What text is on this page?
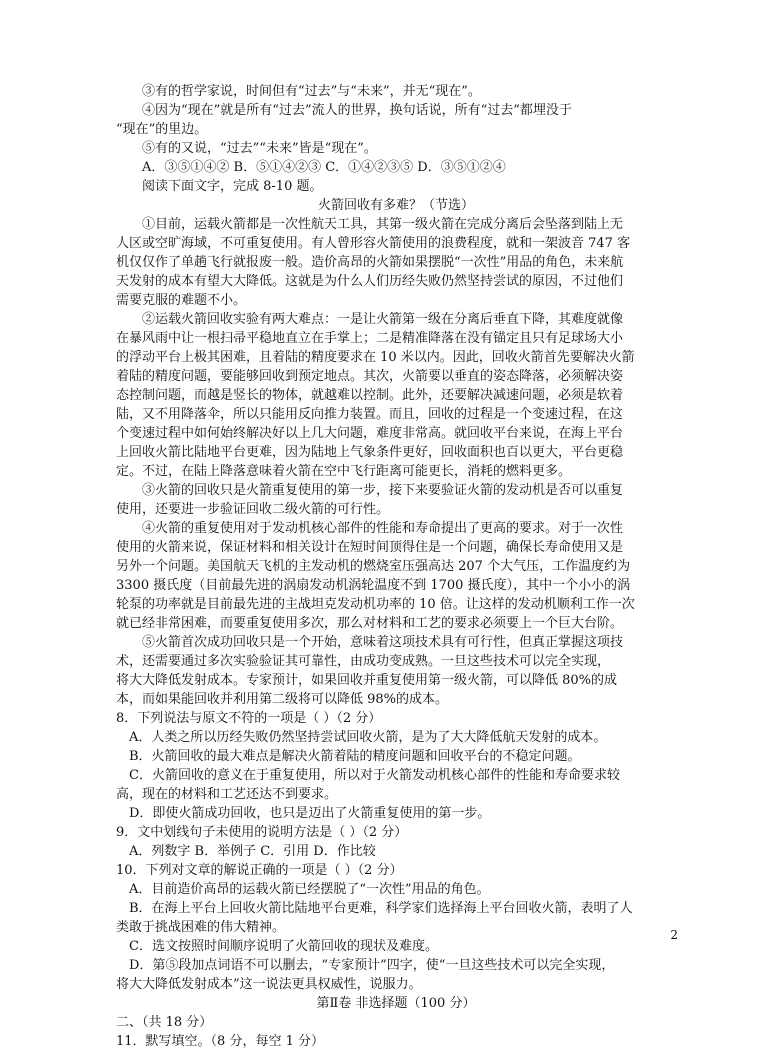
③有的哲学家说，时间但有“过去”与“未来”，并无“现在”。
④因为“现在”就是所有“过去”流人的世界，换句话说，所有“过去”都埋没于
“现在”的里边。
⑤有的又说，“过去”“未来”皆是“现在”。
A．③⑤①④② B．⑤①④②③ C．①④②③⑤ D．③⑤①②④
阅读下面文字，完成 8-10 题。
火箭回收有多难？（节选）
①目前，运载火箭都是一次性航天工具，其第一级火箭在完成分离后会坠落到陆上无
人区或空旷海域，不可重复使用。有人曾形容火箭使用的浪费程度，就和一架波音 747 客
机仅仅作了单趟飞行就报废一般。造价高昂的火箭如果摆脱“一次性”用品的角色，未来航
天发射的成本有望大大降低。这就是为什么人们历经失败仍然坚持尝试的原因，不过他们
需要克服的难题不小。
②运载火箭回收实验有两大难点：一是让火箭第一级在分离后垂直下降，其难度就像
在暴风雨中让一根扫帚平稳地直立在手掌上；二是精准降落在没有锚定且只有足球场大小
的浮动平台上极其困难，且着陆的精度要求在 10 米以内。因此，回收火箭首先要解决火箭
着陆的精度问题，要能够回收到预定地点。其次，火箭要以垂直的姿态降落，必须解决姿
态控制问题，而越是竖长的物体，就越难以控制。此外，还要解决减速问题，必须是软着
陆，又不用降落伞，所以只能用反向推力装置。而且，回收的过程是一个变速过程，在这
个变速过程中如何始终解决好以上几大问题，难度非常高。就回收平台来说，在海上平台
上回收火箭比陆地平台更难，因为陆地上气象条件更好，回收面积也百以更大，平台更稳
定。不过，在陆上降落意味着火箭在空中飞行距离可能更长，消耗的燃料更多。
③火箭的回收只是火箭重复使用的第一步，接下来要验证火箭的发动机是否可以重复
使用，还要进一步验证回收二级火箭的可行性。
④火箭的重复使用对于发动机核心部件的性能和寿命提出了更高的要求。对于一次性
使用的火箭来说，保证材料和相关设计在短时间顶得住是一个问题，确保长寿命使用又是
另外一个问题。美国航天飞机的主发动机的燃烧室压强高达 207 个大气压，工作温度约为
3300 摄氏度（目前最先进的涡扇发动机涡轮温度不到 1700 摄氏度），其中一个小小的涡
轮泵的功率就是目前最先进的主战坦克发动机功率的 10 倍。让这样的发动机顺利工作一次
就已经非常困难，而要重复使用多次，那么对材料和工艺的要求必须要上一个巨大台阶。
⑤火箭首次成功回收只是一个开始，意味着这项技术具有可行性，但真正掌握这项技
术，还需要通过多次实验验证其可靠性，由成功变成熟。一旦这些技术可以完全实现，
将大大降低发射成本。专家预计，如果回收并重复使用第一级火箭，可以降低 80%的成
本，而如果能回收并利用第二级将可以降低 98%的成本。
8．下列说法与原文不符的一项是（ ）（2 分）
A．人类之所以历经失败仍然坚持尝试回收火箭，是为了大大降低航天发射的成本。
B．火箭回收的最大难点是解决火箭着陆的精度问题和回收平台的不稳定问题。
C．火箭回收的意义在于重复使用，所以对于火箭发动机核心部件的性能和寿命要求较
高，现在的材料和工艺还达不到要求。
D．即使火箭成功回收，也只是迈出了火箭重复使用的第一步。
9．文中划线句子未使用的说明方法是（ ）（2 分）
A．列数字 B．举例子 C．引用 D．作比较
10．下列对文章的解说正确的一项是（ ）（2 分）
A．目前造价高昂的运载火箭已经摆脱了“一次性”用品的角色。
B．在海上平台上回收火箭比陆地平台更难，科学家们选择海上平台回收火箭，表明了人
类敢于挑战困难的伟大精神。
C．选文按照时间顺序说明了火箭回收的现状及难度。
D．第⑤段加点词语不可以删去，“专家预计”四字，使“一旦这些技术可以完全实现，
将大大降低发射成本”这一说法更具权威性，说服力。
第Ⅱ卷 非选择题（100 分）
二、（共 18 分）
11．默写填空。（8 分，每空 1 分）
2
